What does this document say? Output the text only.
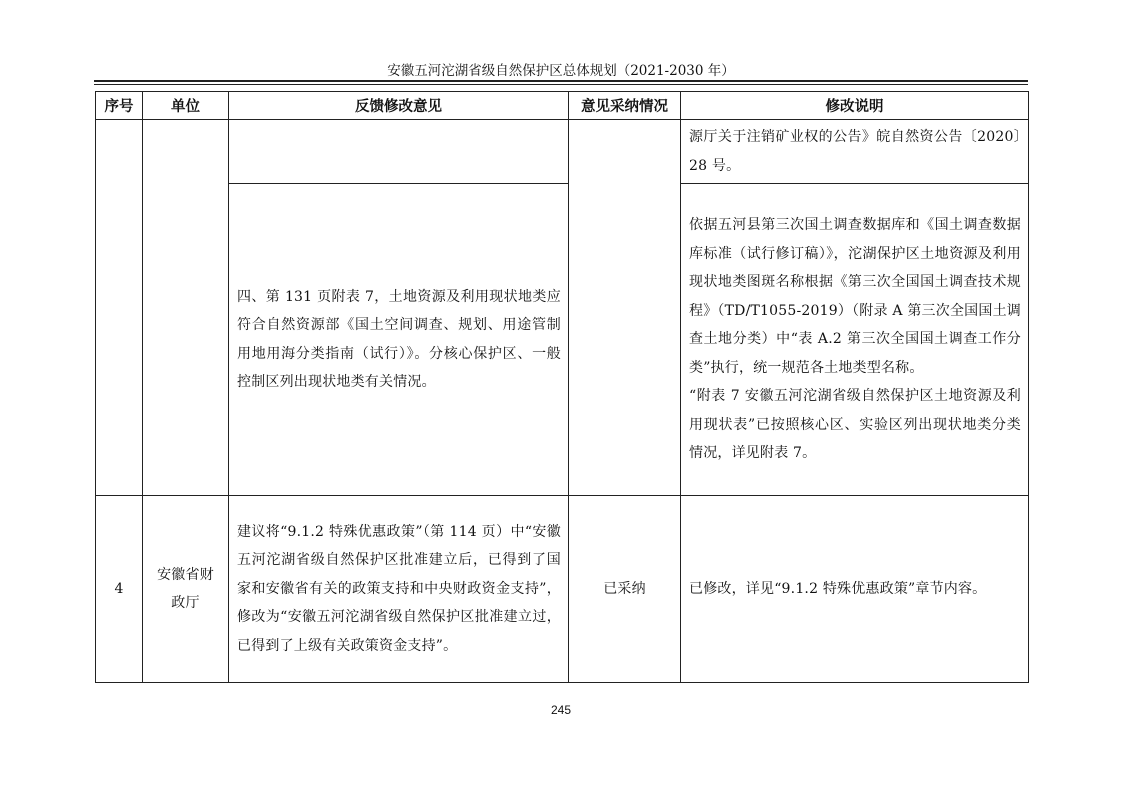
安徽五河沱湖省级自然保护区总体规划（2021-2030 年）
序号	单位	反馈修改意见	意见采纳情况	修改说明

				源厅关于注销矿业权的公告》皖自然资公告〔2020〕28 号。

		四、第 131 页附表 7，土地资源及利用现状地类应符合自然资源部《国土空间调查、规划、用途管制用地用海分类指南（试行）》。分核心保护区、一般控制区列出现状地类有关情况。		依据五河县第三次国土调查数据库和《国土调查数据库标准（试行修订稿）》，沱湖保护区土地资源及利用现状地类图斑名称根据《第三次全国国土调查技术规程》（TD/T1055-2019）（附录 A 第三次全国国土调查土地分类）中“表 A.2 第三次全国国土调查工作分类”执行，统一规范各土地类型名称。

“附表 7 安徽五河沱湖省级自然保护区土地资源及利用现状表”已按照核心区、实验区列出现状地类分类情况，详见附表 7。

4	安徽省财政厅	建议将“9.1.2 特殊优惠政策”（第 114 页）中“安徽五河沱湖省级自然保护区批准建立后，已得到了国家和安徽省有关的政策支持和中央财政资金支持”，修改为“安徽五河沱湖省级自然保护区批准建立过，已得到了上级有关政策资金支持”。	已采纳	已修改，详见“9.1.2 特殊优惠政策”章节内容。

245
